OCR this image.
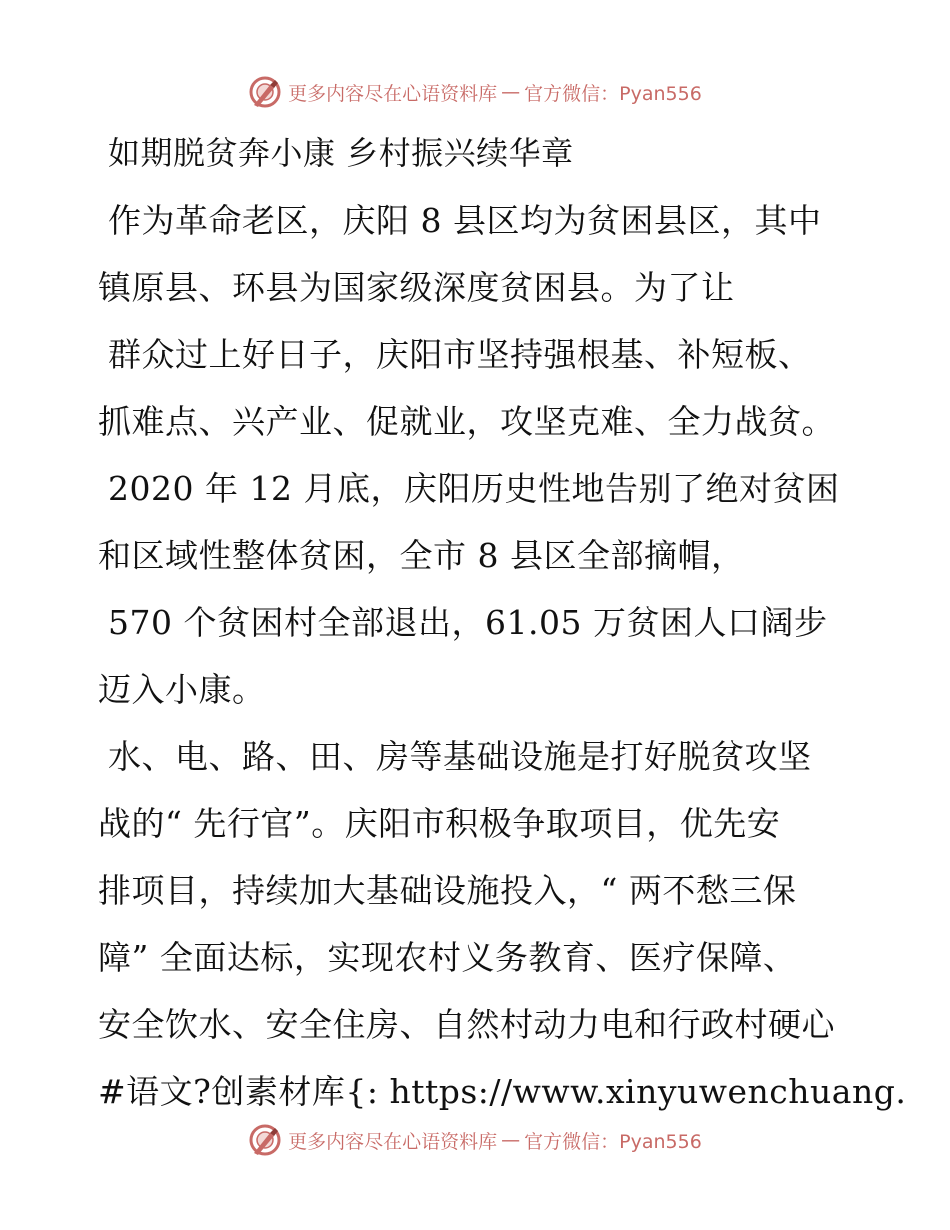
更多内容尽在心语资料库 — 官方微信：Pyan556
如期脱贫奔小康 乡村振兴续华章
作为革命老区，庆阳 8 县区均为贫困县区，其中
镇原县、环县为国家级深度贫困县。为了让
群众过上好日子，庆阳市坚持强根基、补短板、
抓难点、兴产业、促就业，攻坚克难、全力战贫。
2020 年 12 月底，庆阳历史性地告别了绝对贫困
和区域性整体贫困，全市 8 县区全部摘帽，
570 个贫困村全部退出，61.05 万贫困人口阔步
迈入小康。
水、电、路、田、房等基础设施是打好脱贫攻坚
战的“ 先行官”。庆阳市积极争取项目，优先安
排项目，持续加大基础设施投入，“ 两不愁三保
障” 全面达标，实现农村义务教育、医疗保障、
安全饮水、安全住房、自然村动力电和行政村硬心
#语文?创素材库{: https://www.xinyuwenchuang.
更多内容尽在心语资料库 — 官方微信：Pyan556
